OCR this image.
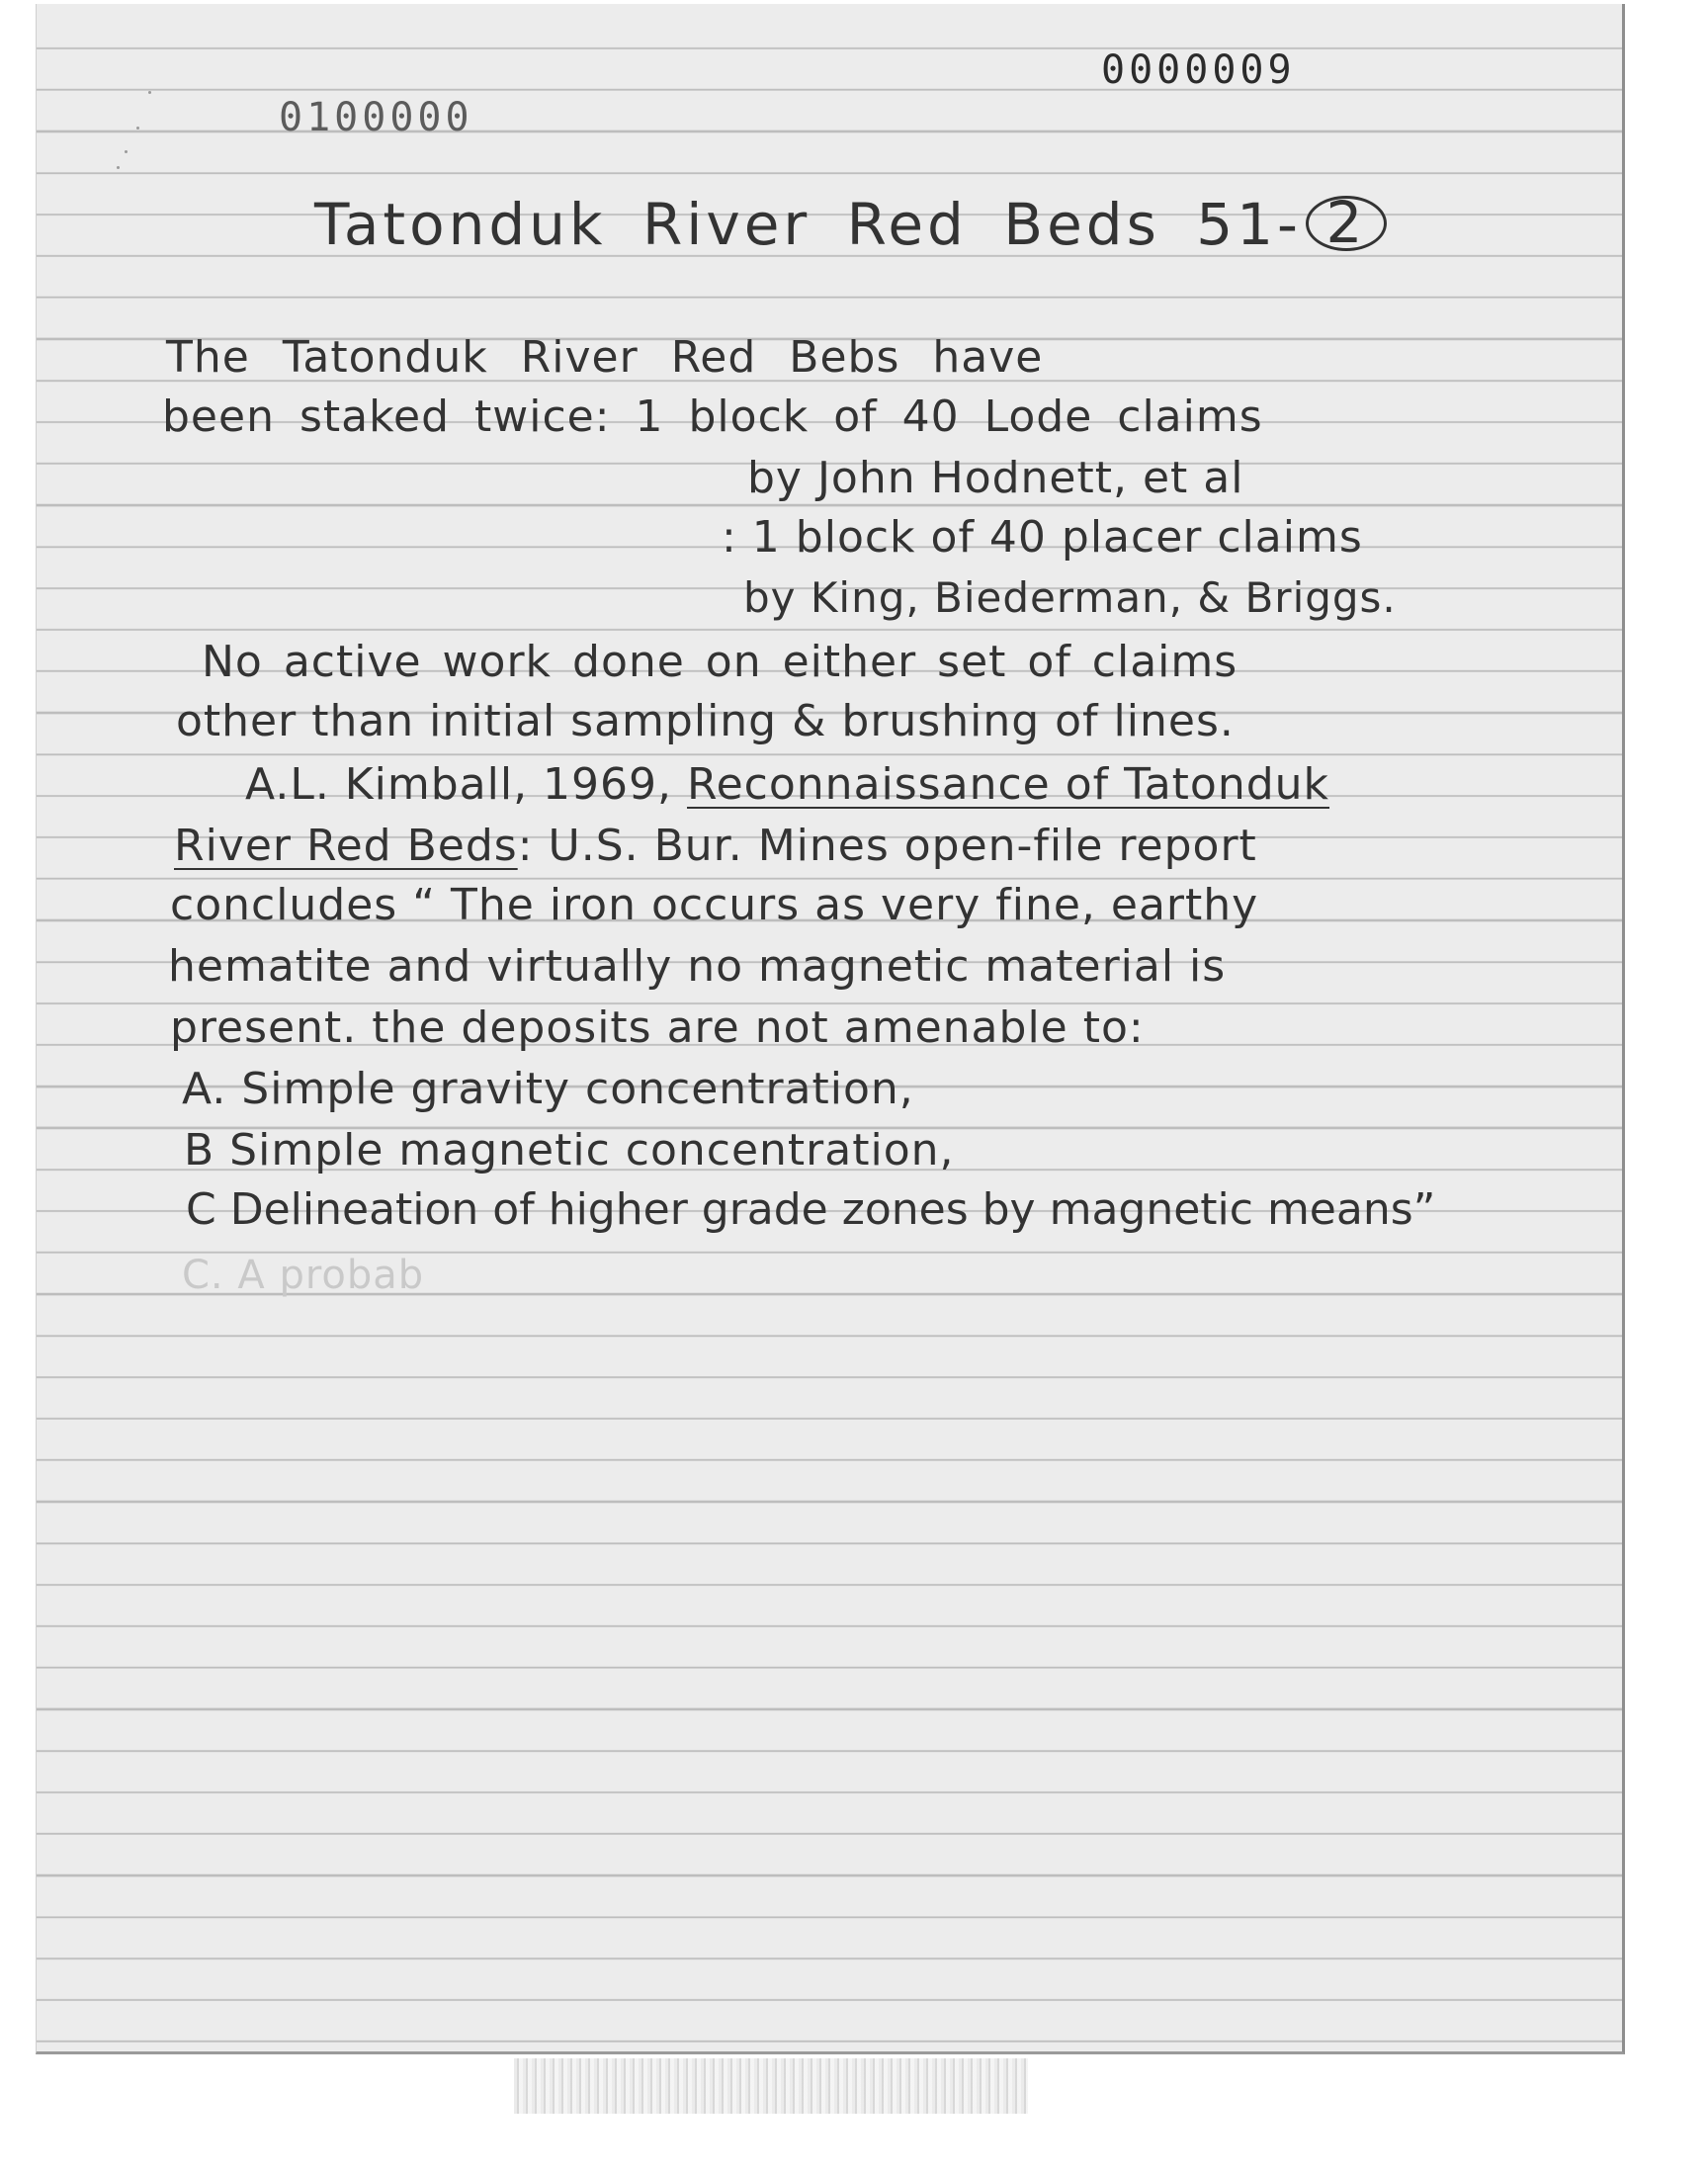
0100000
0000009
Tatonduk River Red Beds 51- 2
The Tatonduk River Red Bebs have
been staked twice: 1 block of 40 Lode claims
by John Hodnett, et al
: 1 block of 40 placer claims
by King, Biederman, & Briggs.
No active work done on either set of claims
other than initial sampling & brushing of lines.
A.L. Kimball, 1969, Reconnaissance of Tatonduk
River Red Beds: U.S. Bur. Mines open-file report
concludes “ The iron occurs as very fine, earthy
hematite and virtually no magnetic material is
present. the deposits are not amenable to:
A. Simple gravity concentration,
B Simple magnetic concentration,
C Delineation of higher grade zones by magnetic means”
C. A probab
